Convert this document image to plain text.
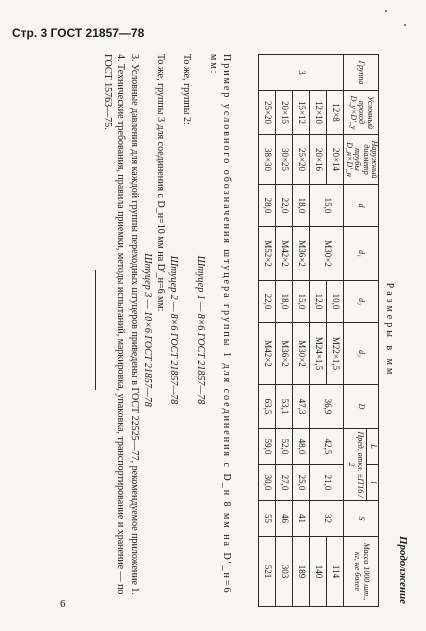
Стр. 3 ГОСТ 21857—78
Продолжение
Размеры в мм
Группа	Условный проход D_y×D'_y	Наружный диаметр трубы D_н×D'_н	d	d₁	d₂	d₃	D	L	l	S	Масса 1000 шт., кг, не более
								Пред. откл. ±IT16 / 2			
3	12×8	20×14	15,0	М30×2	10,0	М22×1,5	36,9	42,5	21,0	32	114
	12×10	20×16			12,0	М24×1,5					140
	15×12	25×20	18,0	М36×2	15,0	М30×2	47,3	48,0	25,0	41	189
	20×15	30×25	22,0	М42×2	18,0	М36×2	53,1	52,0	27,0	46	303
	25×20	38×30	28,0	М52×2	22,0	М42×2	63,5	59,0	30,0	55	521

Пример условного обозначения штуцера группы 1 для соединения с D_н 8 мм на D'_н=6 мм:

Штуцер 1 — 8×6 ГОСТ 21857—78

То же, группы 2:

Штуцер 2 — 8×6 ГОСТ 21857—78

То же, группы 3 для соединения с D_н=10 мм на D'_н=6 мм:

Штуцер 3 — 10×6 ГОСТ 21857—78

3. Условные давления для каждой группы переходных штуцеров приведены в ГОСТ 22525—77, рекомендуемое приложение 1.

4. Технические требования, правила приемки, методы испытаний, маркировка, упаковка, транспортирование и хранение — по ГОСТ 15763—75.

6
